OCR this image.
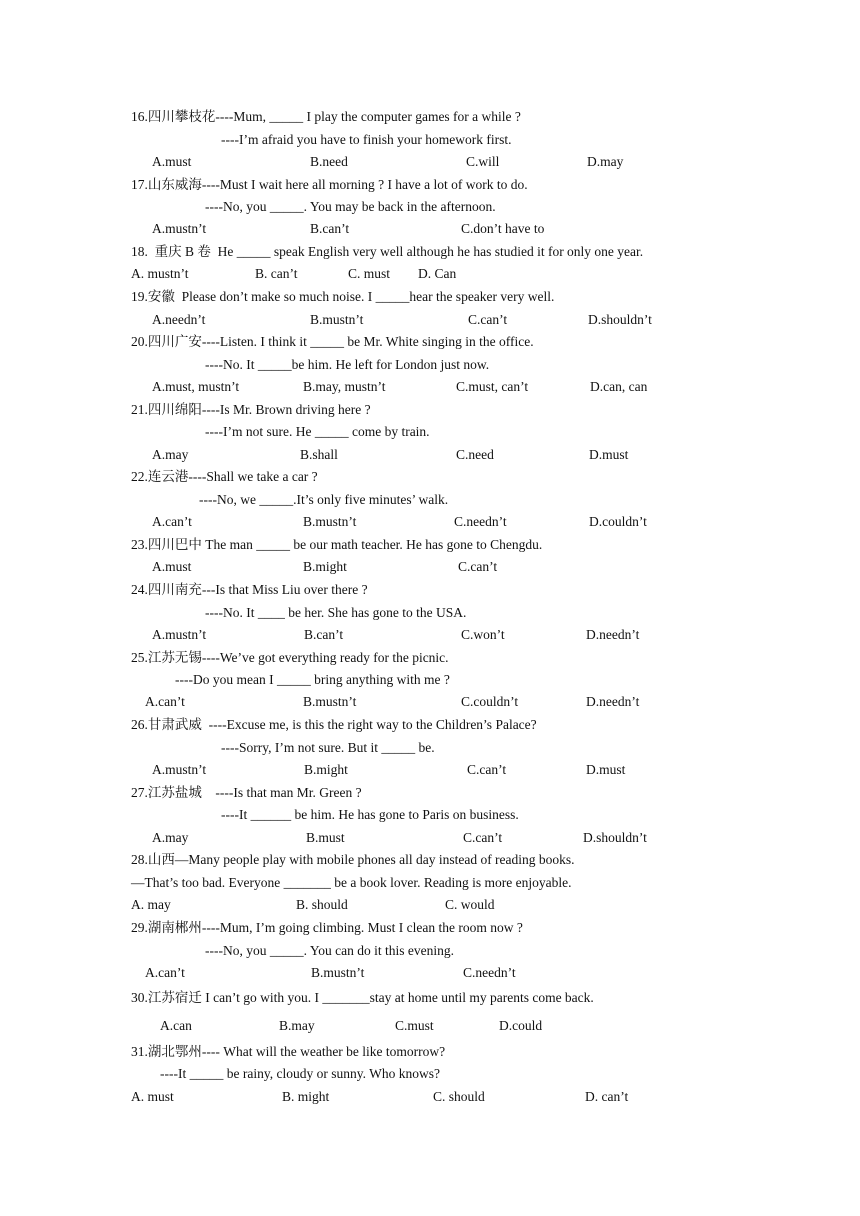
16.四川攀枝花----Mum, _____ I play the computer games for a while ?
----I’m afraid you have to finish your homework first.
A.must	B.need	C.will	D.may
17.山东威海----Must I wait here all morning ? I have a lot of work to do.
----No, you _____. You may be back in the afternoon.
A.mustn’t	B.can’t	C.don’t have to
18.  重庆 B 卷  He _____ speak English very well although he has studied it for only one year.
A. mustn’t	B. can’t	C. must D. Can
19.安徽  Please don’t make so much noise. I _____hear the speaker very well.
A.needn’t	B.mustn’t	C.can’t	D.shouldn’t
20.四川广安----Listen. I think it _____ be Mr. White singing in the office.
----No. It _____be him. He left for London just now.
A.must, mustn’t	B.may, mustn’t	C.must, can’t	D.can, can
21.四川绵阳----Is Mr. Brown driving here ?
----I’m not sure. He _____ come by train.
A.may	B.shall	C.need	D.must
22.连云港----Shall we take a car ?
----No, we _____.It’s only five minutes’ walk.
A.can’t	B.mustn’t	C.needn’t	D.couldn’t
23.四川巴中 The man _____ be our math teacher. He has gone to Chengdu.
A.must	B.might	C.can’t
24.四川南充---Is that Miss Liu over there ?
----No. It ____ be her. She has gone to the USA.
A.mustn’t	B.can’t	C.won’t	D.needn’t
25.江苏无锡----We’ve got everything ready for the picnic.
----Do you mean I _____ bring anything with me ?
A.can’t	B.mustn’t	C.couldn’t	D.needn’t
26.甘肃武威  ----Excuse me, is this the right way to the Children’s Palace?
----Sorry, I’m not sure. But it _____ be.
A.mustn’t	B.might	C.can’t	D.must
27.江苏盐城    ----Is that man Mr. Green ?
----It ______ be him. He has gone to Paris on business.
A.may	B.must	C.can’t	D.shouldn’t
28.山西—Many people play with mobile phones all day instead of reading books.
—That’s too bad. Everyone _______ be a book lover. Reading is more enjoyable.
A. may	B. should	C. would
29.湖南郴州----Mum, I’m going climbing. Must I clean the room now ?
----No, you _____. You can do it this evening.
A.can’t	B.mustn’t	C.needn’t
30.江苏宿迁 I can’t go with you. I _______stay at home until my parents come back.
A.can	B.may	C.must	D.could
31.湖北鄂州---- What will the weather be like tomorrow?
----It _____ be rainy, cloudy or sunny. Who knows?
A. must	B. might	C. should	D. can’t
